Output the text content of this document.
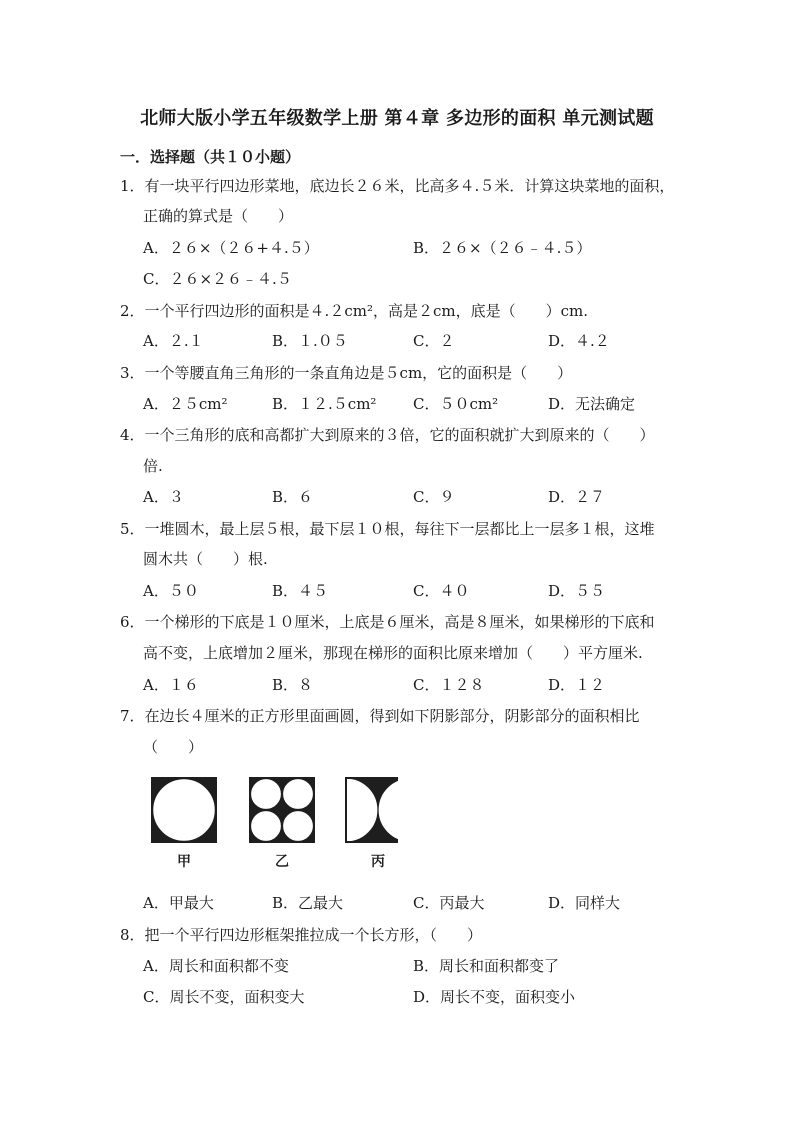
北师大版小学五年级数学上册 第４章 多边形的面积 单元测试题
一．选择题（共１０小题）
1．有一块平行四边形菜地，底边长２６米，比高多４.５米．计算这块菜地的面积，
正确的算式是（　　）
A．２６×（２６+４.５）	B．２６×（２６﹣４.５）
C．２６×２６﹣４.５
2．一个平行四边形的面积是４.２cm²，高是２cm，底是（　　）cm.
A．２.１	B．１.０５	C．２	D．４.２
3．一个等腰直角三角形的一条直角边是５cm，它的面积是（　　）
A．２５cm²	B．１２.５cm² C．５０cm²	D．无法确定
4．一个三角形的底和高都扩大到原来的３倍，它的面积就扩大到原来的（　　）
倍.
A．３	B．６	C．９	D．２７
5．一堆圆木，最上层５根，最下层１０根，每往下一层都比上一层多１根，这堆
圆木共（　　）根.
A．５０	B．４５	C．４０	D．５５
6．一个梯形的下底是１０厘米，上底是６厘米，高是８厘米，如果梯形的下底和
高不变，上底增加２厘米，那现在梯形的面积比原来增加（　　）平方厘米.
A．１６	B．８	C．１２８	D．１２
7．在边长４厘米的正方形里面画圆，得到如下阴影部分，阴影部分的面积相比
（　　）
甲	乙	丙
A．甲最大	B．乙最大	C．丙最大	D．同样大
8．把一个平行四边形框架推拉成一个长方形，（　　）
A．周长和面积都不变	B．周长和面积都变了
C．周长不变，面积变大	D．周长不变，面积变小
